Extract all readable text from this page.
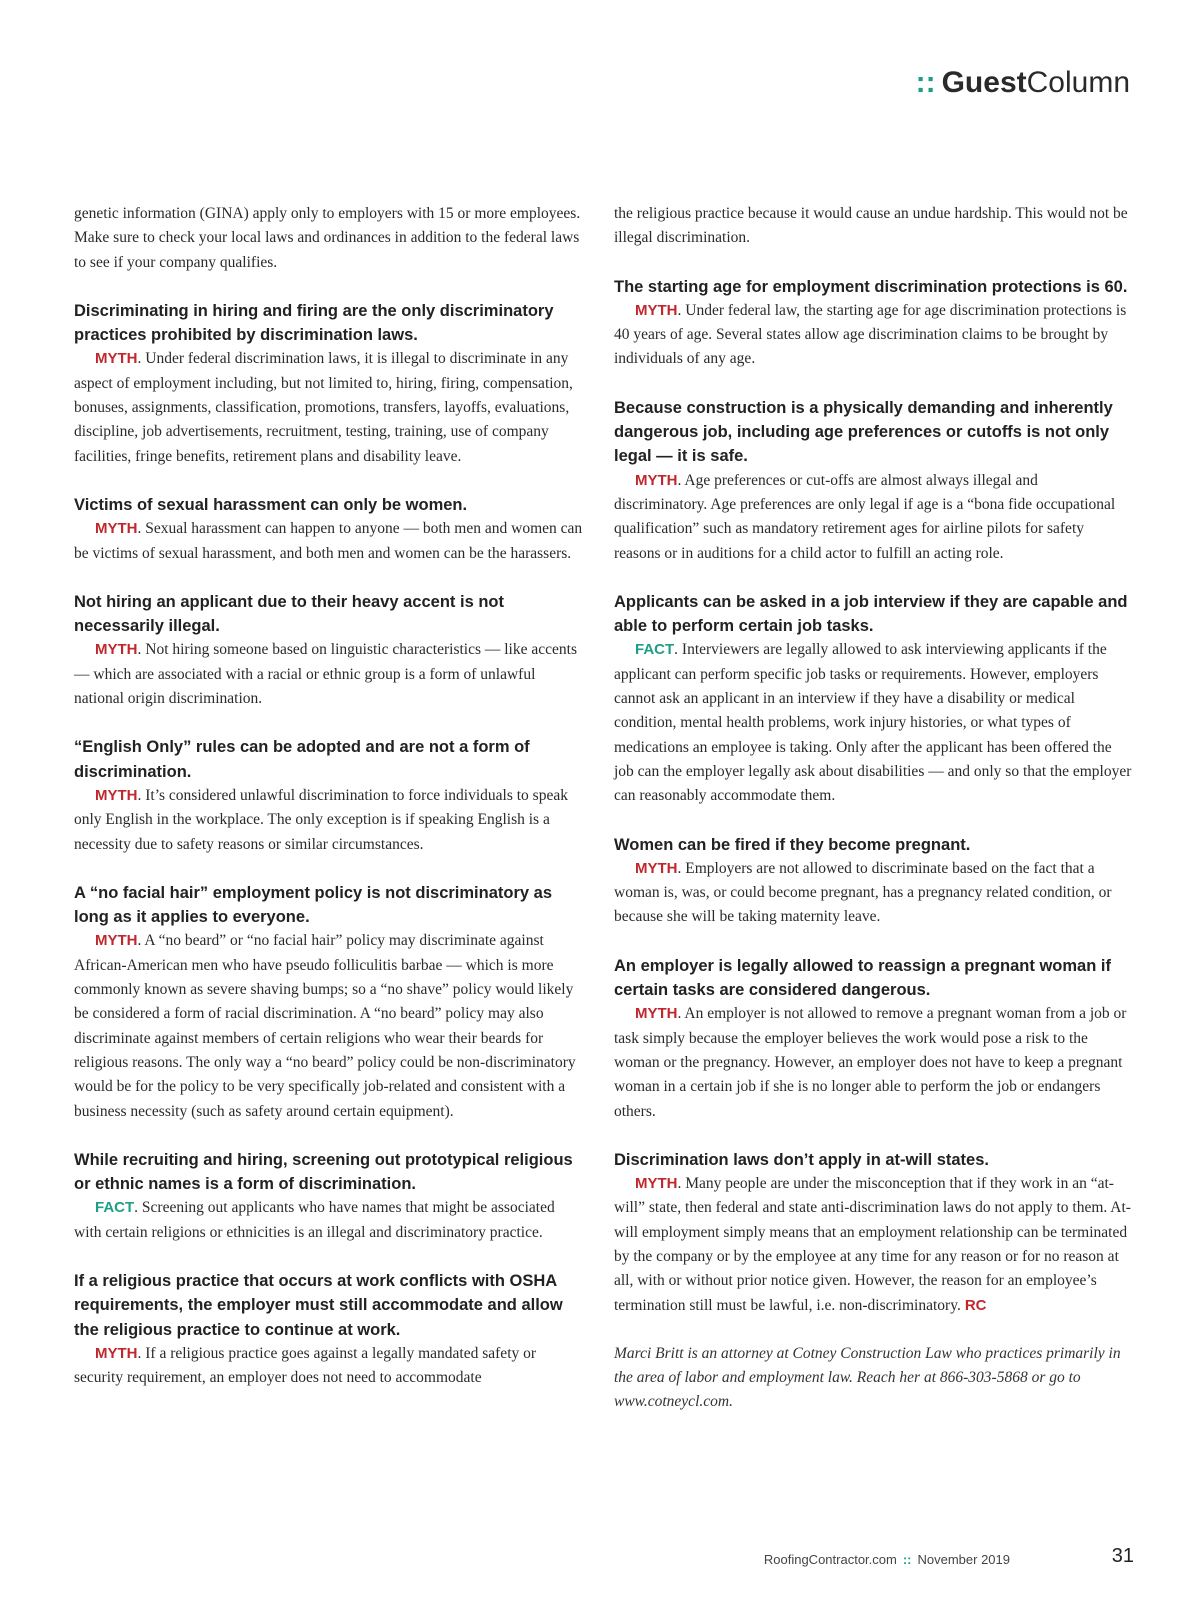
:: GuestColumn

genetic information (GINA) apply only to employers with 15 or more employees. Make sure to check your local laws and ordinances in addition to the federal laws to see if your company qualifies.

Discriminating in hiring and firing are the only discriminatory practices prohibited by discrimination laws.

MYTH. Under federal discrimination laws, it is illegal to discriminate in any aspect of employment including, but not limited to, hiring, firing, compensation, bonuses, assignments, classification, promotions, transfers, layoffs, evaluations, discipline, job advertisements, recruitment, testing, training, use of company facilities, fringe benefits, retirement plans and disability leave.

Victims of sexual harassment can only be women.

MYTH. Sexual harassment can happen to anyone — both men and women can be victims of sexual harassment, and both men and women can be the harassers.

Not hiring an applicant due to their heavy accent is not necessarily illegal.

MYTH. Not hiring someone based on linguistic characteristics — like accents — which are associated with a racial or ethnic group is a form of unlawful national origin discrimination.

“English Only” rules can be adopted and are not a form of discrimination.

MYTH. It’s considered unlawful discrimination to force individuals to speak only English in the workplace. The only exception is if speaking English is a necessity due to safety reasons or similar circumstances.

A “no facial hair” employment policy is not discriminatory as long as it applies to everyone.

MYTH. A “no beard” or “no facial hair” policy may discriminate against African-American men who have pseudo folliculitis barbae — which is more commonly known as severe shaving bumps; so a “no shave” policy would likely be considered a form of racial discrimination. A “no beard” policy may also discriminate against members of certain religions who wear their beards for religious reasons. The only way a “no beard” policy could be non-discriminatory would be for the policy to be very specifically job-related and consistent with a business necessity (such as safety around certain equipment).

While recruiting and hiring, screening out prototypical religious or ethnic names is a form of discrimination.

FACT. Screening out applicants who have names that might be associated with certain religions or ethnicities is an illegal and discriminatory practice.

If a religious practice that occurs at work conflicts with OSHA requirements, the employer must still accommodate and allow the religious practice to continue at work.

MYTH. If a religious practice goes against a legally mandated safety or security requirement, an employer does not need to accommodate

the religious practice because it would cause an undue hardship. This would not be illegal discrimination.

The starting age for employment discrimination protections is 60.

MYTH. Under federal law, the starting age for age discrimination protections is 40 years of age. Several states allow age discrimination claims to be brought by individuals of any age.

Because construction is a physically demanding and inherently dangerous job, including age preferences or cutoffs is not only legal — it is safe.

MYTH. Age preferences or cut-offs are almost always illegal and discriminatory. Age preferences are only legal if age is a “bona fide occupational qualification” such as mandatory retirement ages for airline pilots for safety reasons or in auditions for a child actor to fulfill an acting role.

Applicants can be asked in a job interview if they are capable and able to perform certain job tasks.

FACT. Interviewers are legally allowed to ask interviewing applicants if the applicant can perform specific job tasks or requirements. However, employers cannot ask an applicant in an interview if they have a disability or medical condition, mental health problems, work injury histories, or what types of medications an employee is taking. Only after the applicant has been offered the job can the employer legally ask about disabilities — and only so that the employer can reasonably accommodate them.

Women can be fired if they become pregnant.

MYTH. Employers are not allowed to discriminate based on the fact that a woman is, was, or could become pregnant, has a pregnancy related condition, or because she will be taking maternity leave.

An employer is legally allowed to reassign a pregnant woman if certain tasks are considered dangerous.

MYTH. An employer is not allowed to remove a pregnant woman from a job or task simply because the employer believes the work would pose a risk to the woman or the pregnancy. However, an employer does not have to keep a pregnant woman in a certain job if she is no longer able to perform the job or endangers others.

Discrimination laws don’t apply in at-will states.

MYTH. Many people are under the misconception that if they work in an “at-will” state, then federal and state anti-discrimination laws do not apply to them. At-will employment simply means that an employment relationship can be terminated by the company or by the employee at any time for any reason or for no reason at all, with or without prior notice given. However, the reason for an employee’s termination still must be lawful, i.e. non-discriminatory. RC

Marci Britt is an attorney at Cotney Construction Law who practices primarily in the area of labor and employment law. Reach her at 866-303-5868 or go to www.cotneycl.com.

RoofingContractor.com :: November 2019	31
